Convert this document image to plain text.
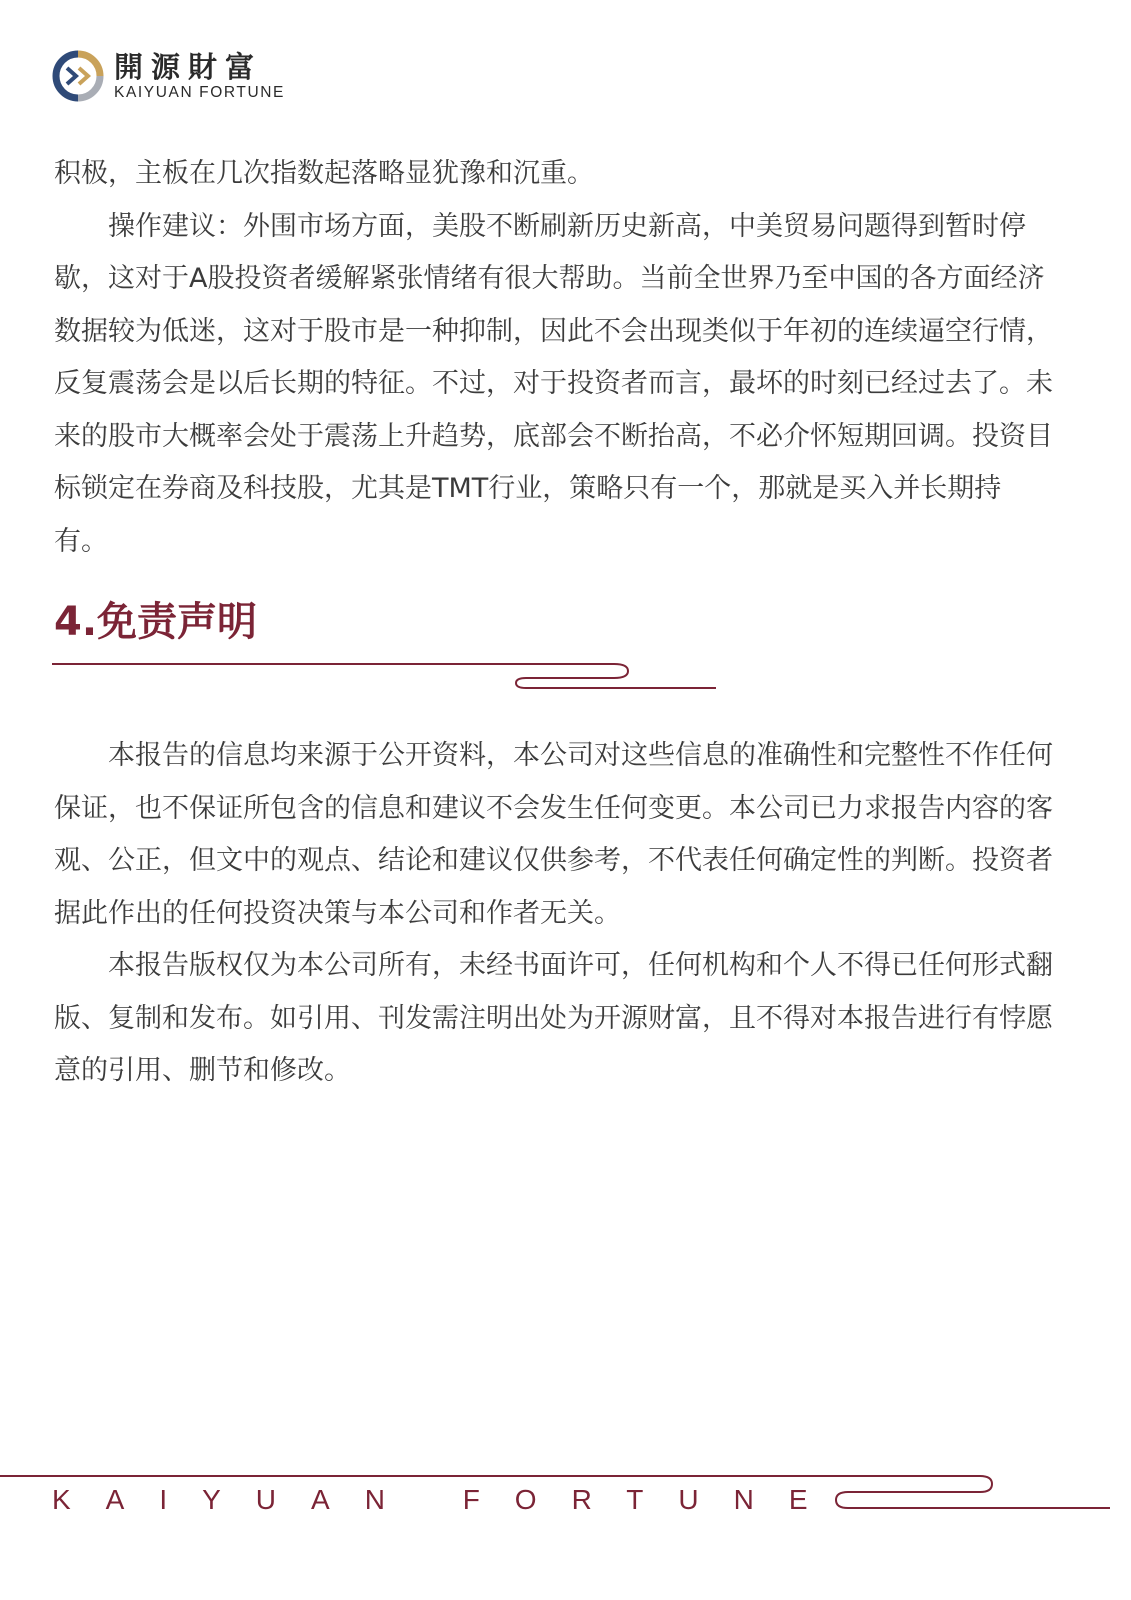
開源財富
KAIYUAN FORTUNE

积极，主板在几次指数起落略显犹豫和沉重。

操作建议：外围市场方面，美股不断刷新历史新高，中美贸易问题得到暂时停歇，这对于A股投资者缓解紧张情绪有很大帮助。当前全世界乃至中国的各方面经济数据较为低迷，这对于股市是一种抑制，因此不会出现类似于年初的连续逼空行情，反复震荡会是以后长期的特征。不过，对于投资者而言，最坏的时刻已经过去了。未来的股市大概率会处于震荡上升趋势，底部会不断抬高，不必介怀短期回调。投资目标锁定在券商及科技股，尤其是TMT行业，策略只有一个，那就是买入并长期持有。

4.免责声明

本报告的信息均来源于公开资料，本公司对这些信息的准确性和完整性不作任何保证，也不保证所包含的信息和建议不会发生任何变更。本公司已力求报告内容的客观、公正，但文中的观点、结论和建议仅供参考，不代表任何确定性的判断。投资者据此作出的任何投资决策与本公司和作者无关。

本报告版权仅为本公司所有，未经书面许可，任何机构和个人不得已任何形式翻版、复制和发布。如引用、刊发需注明出处为开源财富，且不得对本报告进行有悖愿意的引用、删节和修改。

KAIYUAN FORTUNE
